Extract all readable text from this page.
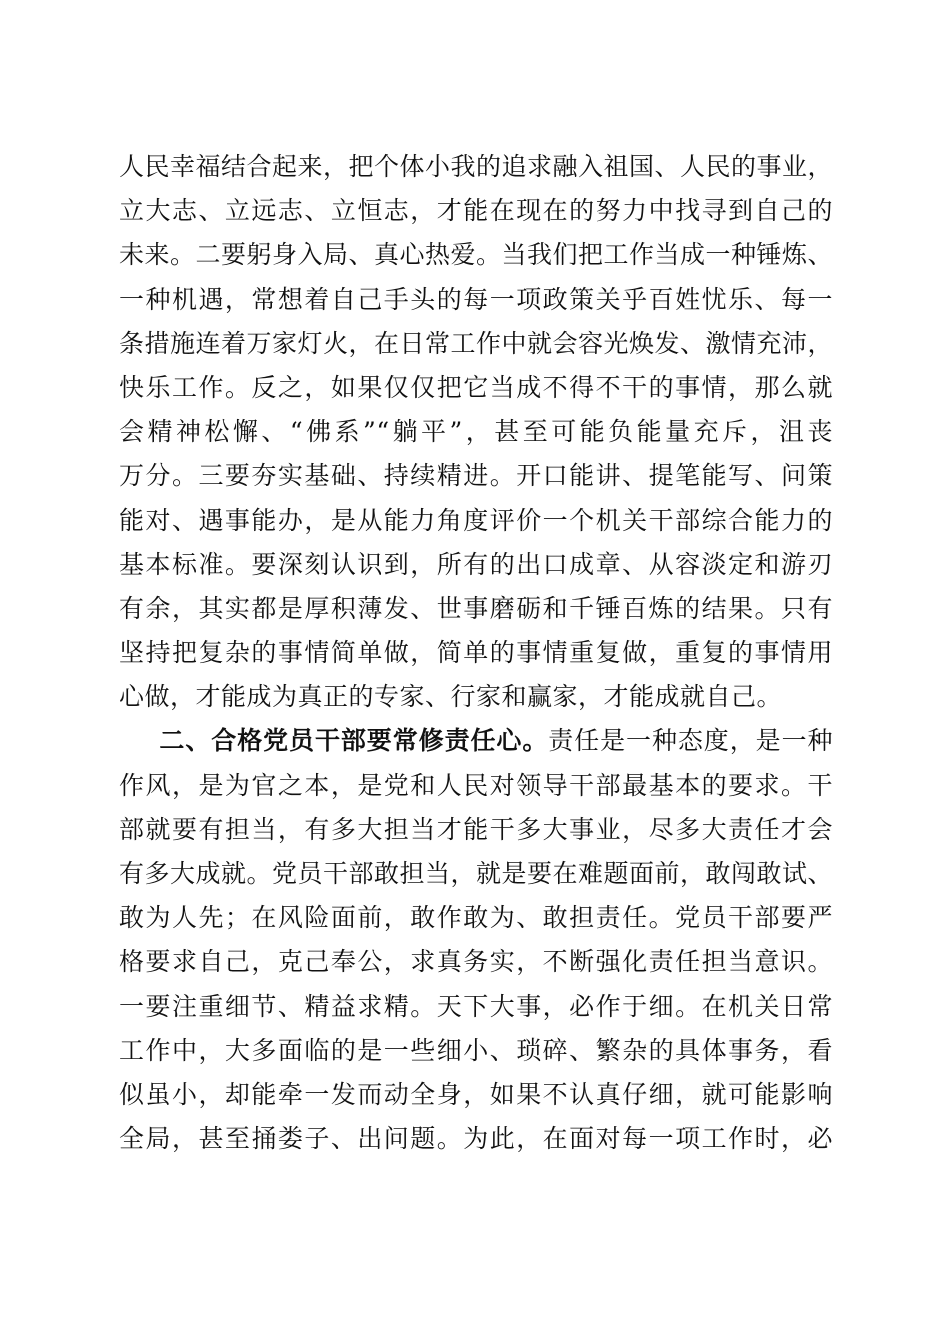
人民幸福结合起来，把个体小我的追求融入祖国、人民的事业，
立大志、立远志、立恒志，才能在现在的努力中找寻到自己的
未来。二要躬身入局、真心热爱。当我们把工作当成一种锤炼、
一种机遇，常想着自己手头的每一项政策关乎百姓忧乐、每一
条措施连着万家灯火，在日常工作中就会容光焕发、激情充沛，
快乐工作。反之，如果仅仅把它当成不得不干的事情，那么就
会精神松懈、“佛系”“躺平”，甚至可能负能量充斥，沮丧
万分。三要夯实基础、持续精进。开口能讲、提笔能写、问策
能对、遇事能办，是从能力角度评价一个机关干部综合能力的
基本标准。要深刻认识到，所有的出口成章、从容淡定和游刃
有余，其实都是厚积薄发、世事磨砺和千锤百炼的结果。只有
坚持把复杂的事情简单做，简单的事情重复做，重复的事情用
心做，才能成为真正的专家、行家和赢家，才能成就自己。
二、合格党员干部要常修责任心。责任是一种态度，是一种
作风，是为官之本，是党和人民对领导干部最基本的要求。干
部就要有担当，有多大担当才能干多大事业，尽多大责任才会
有多大成就。党员干部敢担当，就是要在难题面前，敢闯敢试、
敢为人先；在风险面前，敢作敢为、敢担责任。党员干部要严
格要求自己，克己奉公，求真务实，不断强化责任担当意识。
一要注重细节、精益求精。天下大事，必作于细。在机关日常
工作中，大多面临的是一些细小、琐碎、繁杂的具体事务，看
似虽小，却能牵一发而动全身，如果不认真仔细，就可能影响
全局，甚至捅娄子、出问题。为此，在面对每一项工作时，必
